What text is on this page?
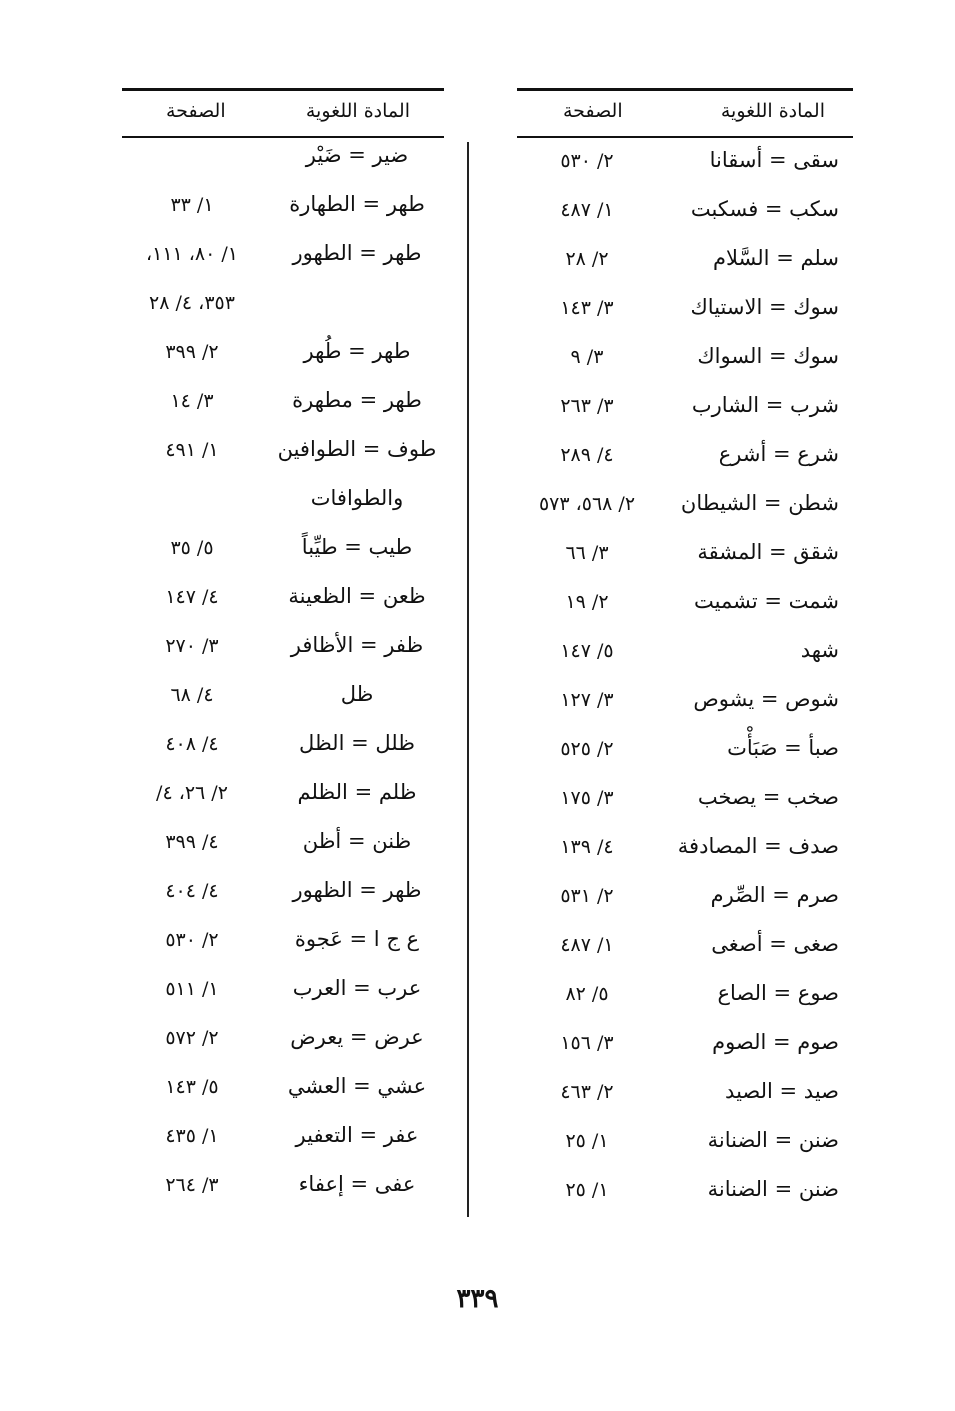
المادة اللغوية
الصفحة
سقى = أسقانا
٢/ ٥٣٠
سكب = فسكبت
١/ ٤٨٧
سلم = السَّلام
٢/ ٢٨
سوك = الاستياك
٣/ ١٤٣
سوك = السواك
٣/ ٩
شرب = الشارب
٣/ ٢٦٣
شرع = أشرع
٤/ ٢٨٩
شطن = الشيطان
٢/ ٥٦٨، ٥٧٣
شقق = المشقة
٣/ ٦٦
شمت = تشميت
٢/ ١٩
شهد
٥/ ١٤٧
شوص = يشوص
٣/ ١٢٧
صبأ = صَبَأْت
٢/ ٥٢٥
صخب = يصخب
٣/ ١٧٥
صدف = المصادفة
٤/ ١٣٩
صرم = الصِّرم
٢/ ٥٣١
صغى = أصغى
١/ ٤٨٧
صوع = الصاع
٥/ ٨٢
صوم = الصوم
٣/ ١٥٦
صيد = الصيد
٢/ ٤٦٣
ضنن = الضنانة
١/ ٢٥
ضنن = الضنانة
١/ ٢٥
المادة اللغوية
الصفحة
ضير = ضَيْر
طهر = الطهارة
١/ ٣٣
طهر = الطهور
١/ ٨٠، ١١١،
٣٥٣، ٤/ ٢٨
طهر = طُهر
٢/ ٣٩٩
طهر = مطهرة
٣/ ١٤
طوف = الطوافين
١/ ٤٩١
والطوافات
طيب = طيِّباً
٥/ ٣٥
ظعن = الظعينة
٤/ ١٤٧
ظفر = الأظافر
٣/ ٢٧٠
ظل
٤/ ٦٨
ظلل = الظل
٤/ ٤٠٨
ظلم = الظلم
٢/ ٢٦، ٤/
ظنن = أظن
٤/ ٣٩٩
ظهر = الظهور
٤/ ٤٠٤
ع ج ا = عَجوة
٢/ ٥٣٠
عرب = العرب
١/ ٥١١
عرض = يعرض
٢/ ٥٧٢
عشي = العشي
٥/ ١٤٣
عفر = التعفير
١/ ٤٣٥
عفى = إعفاء
٣/ ٢٦٤
٣٣٩
